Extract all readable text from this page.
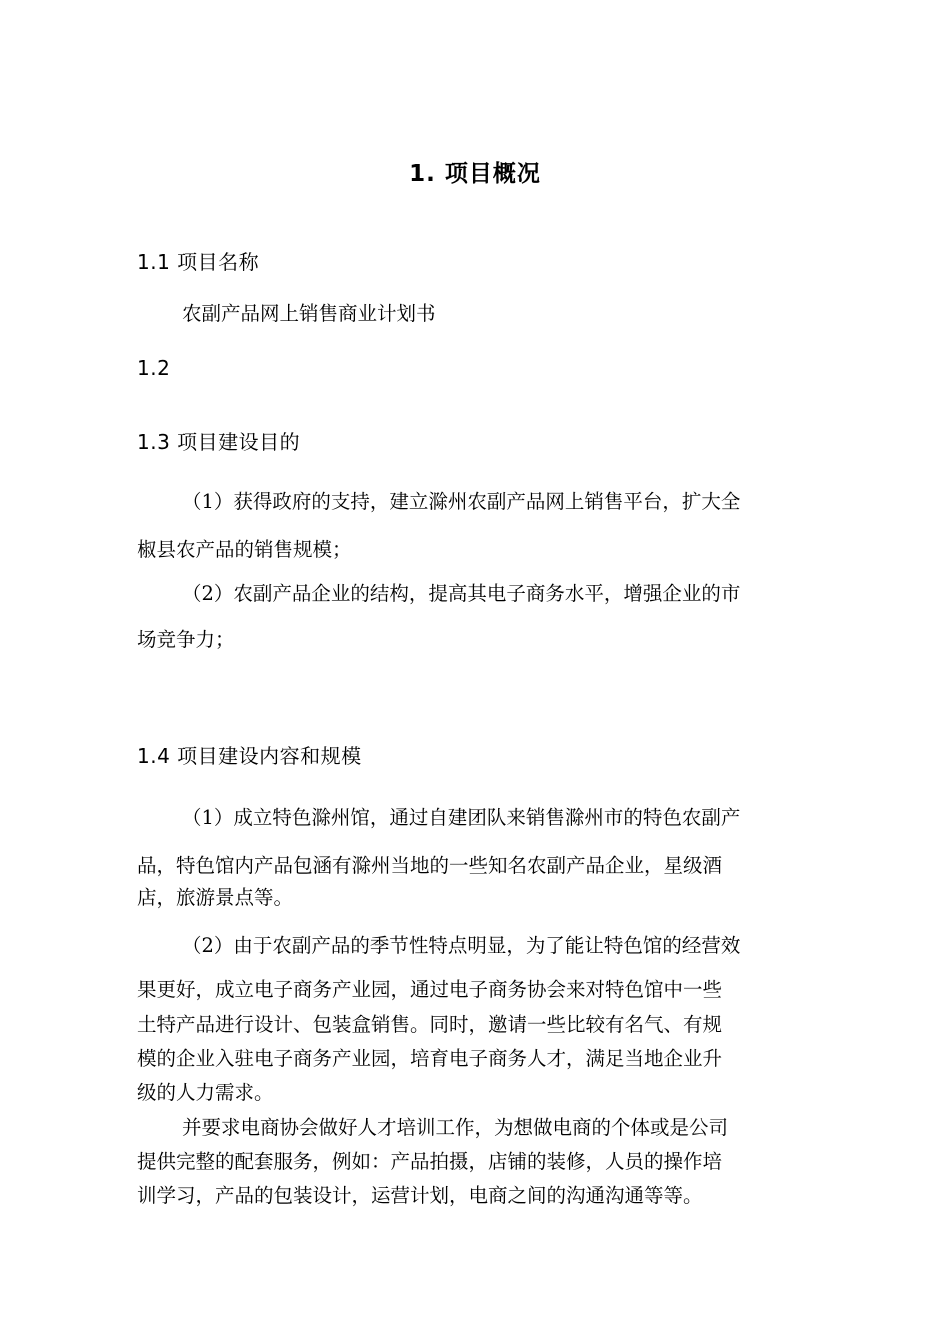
1. 项目概况
1.1 项目名称
农副产品网上销售商业计划书
1.2
1.3 项目建设目的
（1）获得政府的支持，建立滁州农副产品网上销售平台，扩大全
椒县农产品的销售规模；
（2）农副产品企业的结构，提高其电子商务水平，增强企业的市
场竞争力；
1.4 项目建设内容和规模
（1）成立特色滁州馆，通过自建团队来销售滁州市的特色农副产
品，特色馆内产品包涵有滁州当地的一些知名农副产品企业，星级酒
店，旅游景点等。
（2）由于农副产品的季节性特点明显，为了能让特色馆的经营效
果更好，成立电子商务产业园，通过电子商务协会来对特色馆中一些
土特产品进行设计、包装盒销售。同时，邀请一些比较有名气、有规
模的企业入驻电子商务产业园，培育电子商务人才，满足当地企业升
级的人力需求。
并要求电商协会做好人才培训工作，为想做电商的个体或是公司
提供完整的配套服务，例如：产品拍摄，店铺的装修，人员的操作培
训学习，产品的包装设计，运营计划，电商之间的沟通沟通等等。
